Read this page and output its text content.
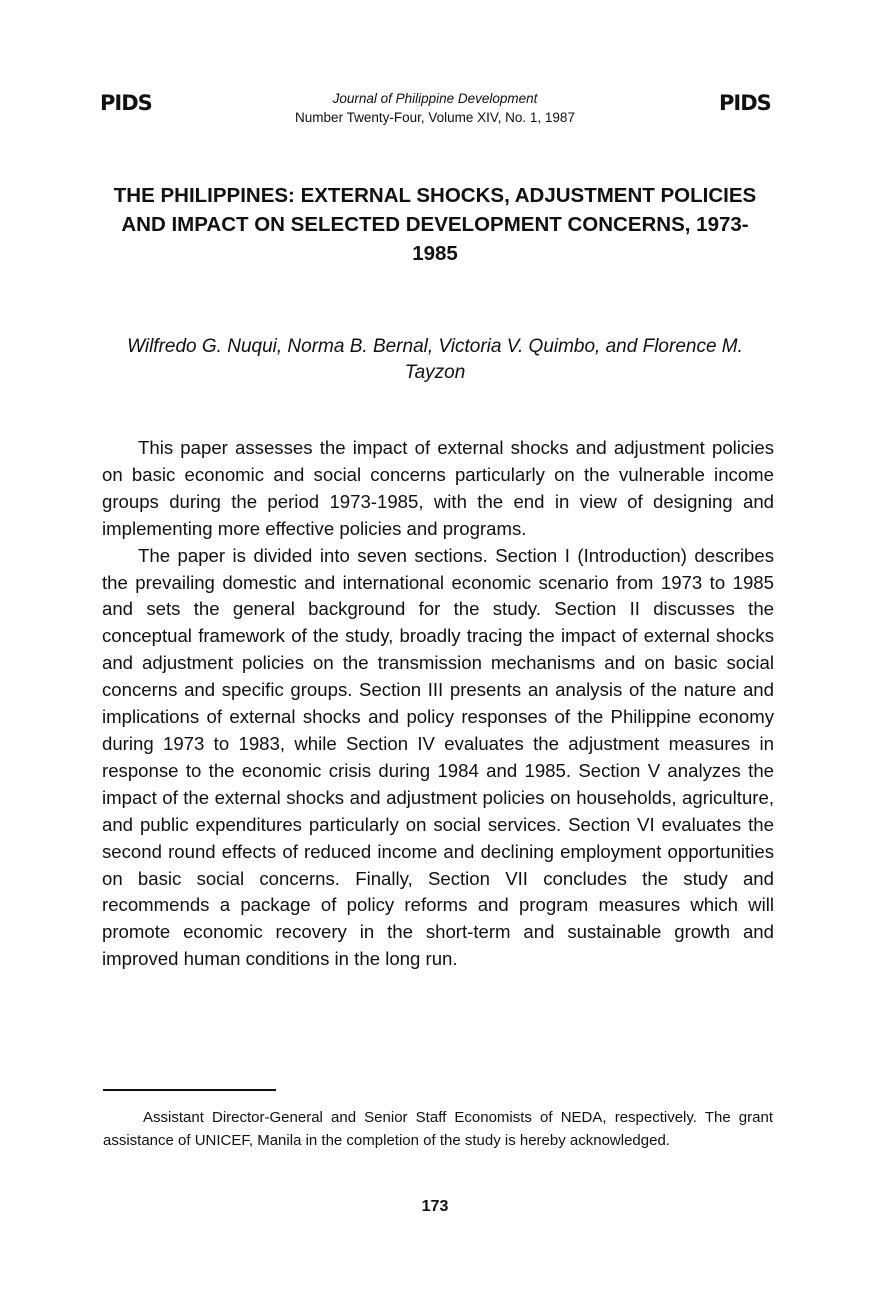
PIDS	PIDS
Journal of Philippine Development
Number Twenty-Four, Volume XIV, No. 1, 1987
THE PHILIPPINES: EXTERNAL SHOCKS, ADJUSTMENT POLICIES AND IMPACT ON SELECTED DEVELOPMENT CONCERNS, 1973-1985

Wilfredo G. Nuqui, Norma B. Bernal, Victoria V. Quimbo, and Florence M. Tayzon

This paper assesses the impact of external shocks and adjustment policies on basic economic and social concerns particularly on the vulnerable income groups during the period 1973-1985, with the end in view of designing and implementing more effective policies and programs.

The paper is divided into seven sections. Section I (Introduction) describes the prevailing domestic and international economic scenario from 1973 to 1985 and sets the general background for the study. Section II discusses the conceptual framework of the study, broadly tracing the impact of external shocks and adjustment policies on the transmission mechanisms and on basic social concerns and specific groups. Section III presents an analysis of the nature and implications of external shocks and policy responses of the Philippine economy during 1973 to 1983, while Section IV evaluates the adjustment measures in response to the economic crisis during 1984 and 1985. Section V analyzes the impact of the external shocks and adjustment policies on households, agriculture, and public expenditures particularly on social services. Section VI evaluates the second round effects of reduced income and declining employment opportunities on basic social concerns. Finally, Section VII concludes the study and recommends a package of policy reforms and program measures which will promote economic recovery in the short-term and sustainable growth and improved human conditions in the long run.

Assistant Director-General and Senior Staff Economists of NEDA, respectively. The grant assistance of UNICEF, Manila in the completion of the study is hereby acknowledged.

173
